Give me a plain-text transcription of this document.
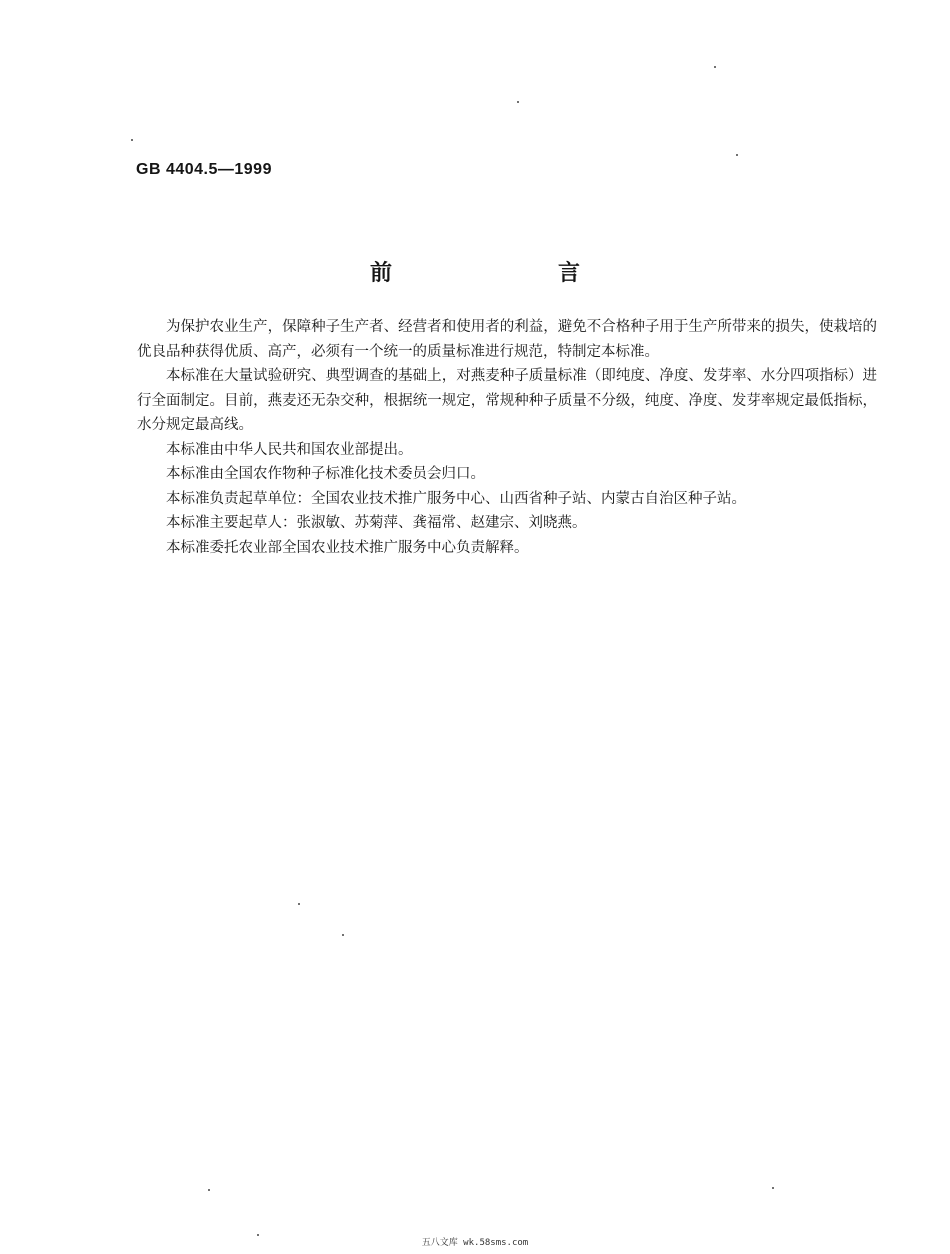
GB 4404.5—1999
前　言

为保护农业生产，保障种子生产者、经营者和使用者的利益，避免不合格种子用于生产所带来的损失，使栽培的优良品种获得优质、高产，必须有一个统一的质量标准进行规范，特制定本标准。

本标准在大量试验研究、典型调查的基础上，对燕麦种子质量标准（即纯度、净度、发芽率、水分四项指标）进行全面制定。目前，燕麦还无杂交种，根据统一规定，常规种种子质量不分级，纯度、净度、发芽率规定最低指标，水分规定最高线。

本标准由中华人民共和国农业部提出。

本标准由全国农作物种子标准化技术委员会归口。

本标准负责起草单位：全国农业技术推广服务中心、山西省种子站、内蒙古自治区种子站。

本标准主要起草人：张淑敏、苏菊萍、龚福常、赵建宗、刘晓燕。

本标准委托农业部全国农业技术推广服务中心负责解释。

五八文库 wk.58sms.com
